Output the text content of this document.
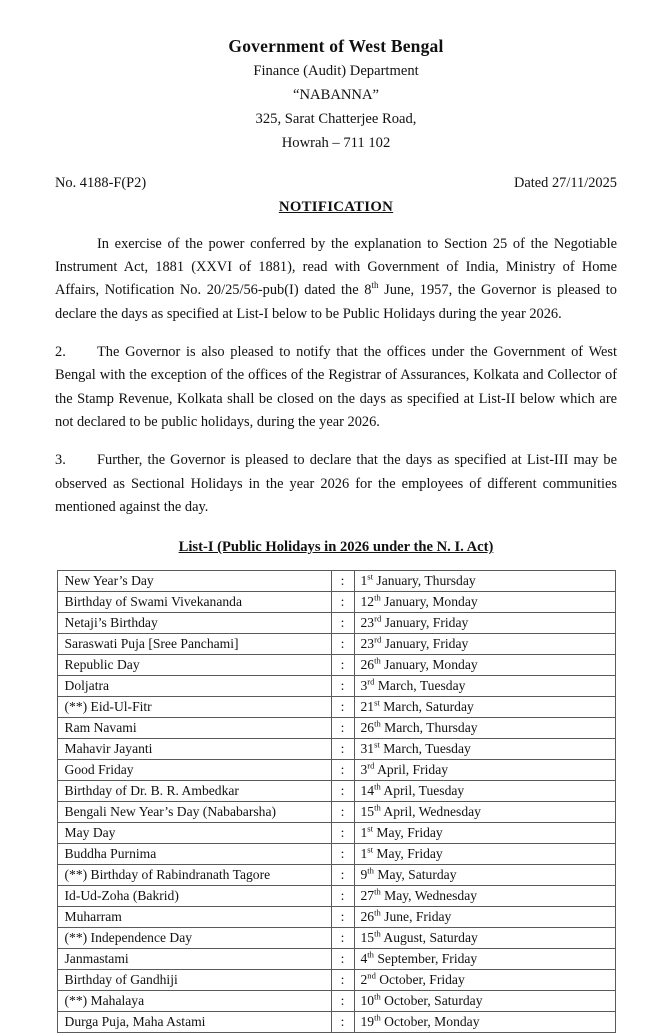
Government of West Bengal
Finance (Audit) Department
“NABANNA”
325, Sarat Chatterjee Road,
Howrah – 711 102
No. 4188-F(P2)	Dated 27/11/2025
NOTIFICATION

In exercise of the power conferred by the explanation to Section 25 of the Negotiable Instrument Act, 1881 (XXVI of 1881), read with Government of India, Ministry of Home Affairs, Notification No. 20/25/56-pub(I) dated the 8th June, 1957, the Governor is pleased to declare the days as specified at List-I below to be Public Holidays during the year 2026.

2. The Governor is also pleased to notify that the offices under the Government of West Bengal with the exception of the offices of the Registrar of Assurances, Kolkata and Collector of the Stamp Revenue, Kolkata shall be closed on the days as specified at List-II below which are not declared to be public holidays, during the year 2026.

3. Further, the Governor is pleased to declare that the days as specified at List-III may be observed as Sectional Holidays in the year 2026 for the employees of different communities mentioned against the day.

List-I (Public Holidays in 2026 under the N. I. Act)
New Year’s Day	:	1st January, Thursday
Birthday of Swami Vivekananda	:	12th January, Monday
Netaji’s Birthday	:	23rd January, Friday
Saraswati Puja [Sree Panchami]	:	23rd January, Friday
Republic Day	:	26th January, Monday
Doljatra	:	3rd March, Tuesday
(**) Eid-Ul-Fitr	:	21st March, Saturday
Ram Navami	:	26th March, Thursday
Mahavir Jayanti	:	31st March, Tuesday
Good Friday	:	3rd April, Friday
Birthday of Dr. B. R. Ambedkar	:	14th April, Tuesday
Bengali New Year’s Day (Nababarsha)	:	15th April, Wednesday
May Day	:	1st May, Friday
Buddha Purnima	:	1st May, Friday
(**) Birthday of Rabindranath Tagore	:	9th May, Saturday
Id-Ud-Zoha (Bakrid)	:	27th May, Wednesday
Muharram	:	26th June, Friday
(**) Independence Day	:	15th August, Saturday
Janmastami	:	4th September, Friday
Birthday of Gandhiji	:	2nd October, Friday
(**) Mahalaya	:	10th October, Saturday
Durga Puja, Maha Astami	:	19th October, Monday
